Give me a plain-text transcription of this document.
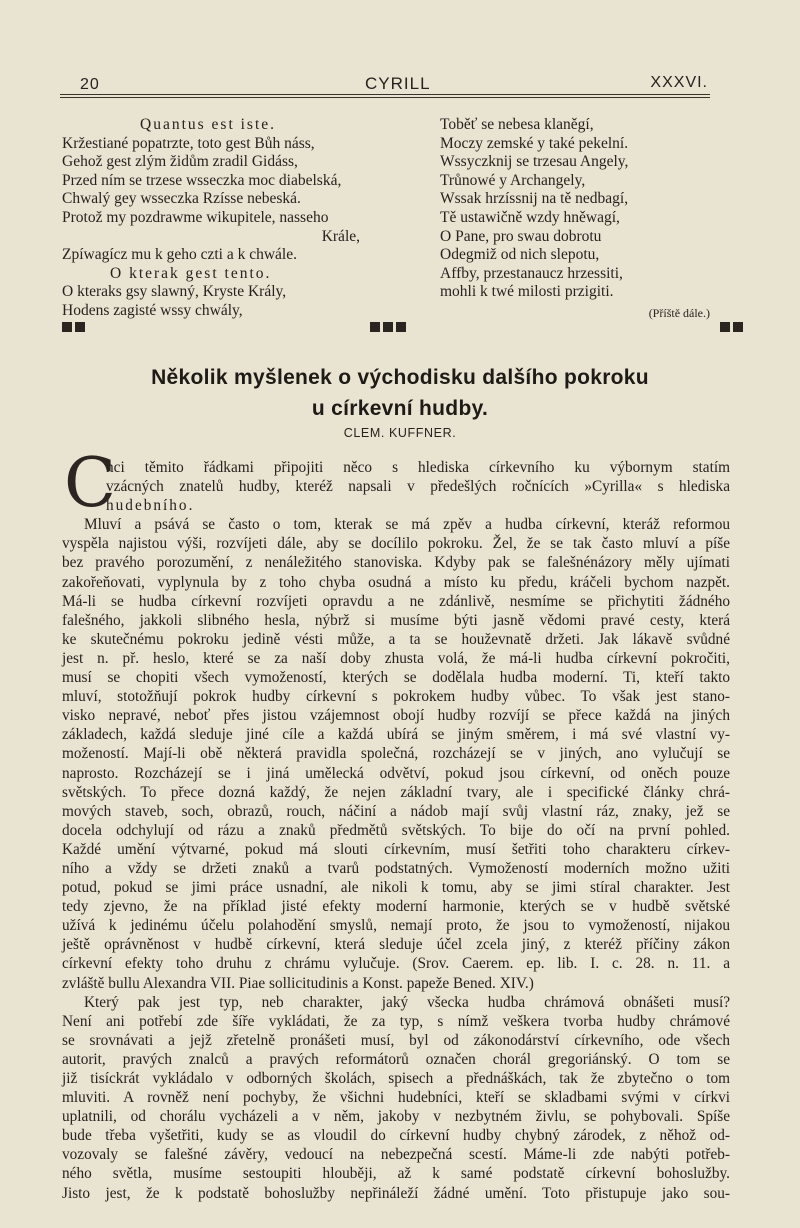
20	CYRILL	XXXVI.
Quantus est iste.
Kržestiané popatrzte, toto gest Bůh náss,
Gehož gest zlým židům zradil Gidáss,
Przed ním se trzese wsseczka moc diabelská,
Chwalý gey wsseczka Rzísse nebeská.
Protož my pozdrawme wikupitele, nasseho
Krále,
Zpíwagícz mu k geho czti a k chwále.
O kterak gest tento.
O kteraks gsy slawný, Kryste Krály,
Hodens zagisté wssy chwály,
Toběť se nebesa klaněgí,
Moczy zemské y také pekelní.
Wssyczknij se trzesau Angely,
Trůnowé y Archangely,
Wssak hrzíssnij na tě nedbagí,
Tě ustawičně wzdy hněwagí,
O Pane, pro swau dobrotu
Odegmiž od nich slepotu,
Affby, przestanaucz hrzessiti,
mohli k twé milosti przigiti.
(Příště dále.)
Několik myšlenek o východisku dalšího pokroku
u církevní hudby.
CLEM. KUFFNER.
C
hci těmito řádkami připojiti něco s hlediska církevního ku výbornym statím
vzácných znatelů hudby, kteréž napsali v předešlých ročnících »Cyrilla« s hlediska
hudebního.
Mluví a psává se často o tom, kterak se má zpěv a hudba církevní, kteráž reformou
vyspěla najistou výši, rozvíjeti dále, aby se docílilo pokroku. Žel, že se tak často mluví a píše
bez pravého porozumění, z nenáležitého stanoviska. Kdyby pak se falešnénázory měly ujímati
zakořeňovati, vyplynula by z toho chyba osudná a místo ku předu, kráčeli bychom nazpět.
Má-li se hudba církevní rozvíjeti opravdu a ne zdánlivě, nesmíme se přichytiti žádného
falešného, jakkoli slibného hesla, nýbrž si musíme býti jasně vědomi pravé cesty, která
ke skutečnému pokroku jedině vésti může, a ta se houževnatě držeti. Jak lákavě svůdné
jest n. př. heslo, které se za naší doby zhusta volá, že má-li hudba církevní pokročiti,
musí se chopiti všech vymožeností, kterých se dodělala hudba moderní. Ti, kteří takto
mluví, stotožňují pokrok hudby církevní s pokrokem hudby vůbec. To však jest stano-
visko nepravé, neboť přes jistou vzájemnost obojí hudby rozvíjí se přece každá na jiných
základech, každá sleduje jiné cíle a každá ubírá se jiným směrem, i má své vlastní vy-
možeností. Mají-li obě některá pravidla společná, rozcházejí se v jiných, ano vylučují se
naprosto. Rozcházejí se i jiná umělecká odvětví, pokud jsou církevní, od oněch pouze
světských. To přece dozná každý, že nejen základní tvary, ale i specifické články chrá-
mových staveb, soch, obrazů, rouch, náčiní a nádob mají svůj vlastní ráz, znaky, jež se
docela odchylují od rázu a znaků předmětů světských. To bije do očí na první pohled.
Každé umění výtvarné, pokud má slouti církevním, musí šetřiti toho charakteru církev-
ního a vždy se držeti znaků a tvarů podstatných. Vymožeností moderních možno užiti
potud, pokud se jimi práce usnadní, ale nikoli k tomu, aby se jimi stíral charakter. Jest
tedy zjevno, že na příklad jisté efekty moderní harmonie, kterých se v hudbě světské
užívá k jedinému účelu polahodění smyslů, nemají proto, že jsou to vymožeností, nijakou
ještě oprávněnost v hudbě církevní, která sleduje účel zcela jiný, z kteréž příčiny zákon
církevní efekty toho druhu z chrámu vylučuje. (Srov. Caerem. ep. lib. I. c. 28. n. 11. a
zvláště bullu Alexandra VII. Piae sollicitudinis a Konst. papeže Bened. XIV.)
Který pak jest typ, neb charakter, jaký všecka hudba chrámová obnášeti musí?
Není ani potřebí zde šíře vykládati, že za typ, s nímž veškera tvorba hudby chrámové
se srovnávati a jejž zřetelně pronášeti musí, byl od zákonodárství církevního, ode všech
autorit, pravých znalců a pravých reformátorů označen chorál gregoriánský. O tom se
již tisíckrát vykládalo v odborných školách, spisech a přednáškách, tak že zbytečno o tom
mluviti. A rovněž není pochyby, že všichni hudebníci, kteří se skladbami svými v církvi
uplatnili, od chorálu vycházeli a v něm, jakoby v nezbytném živlu, se pohybovali. Spíše
bude třeba vyšetřiti, kudy se as vloudil do církevní hudby chybný zárodek, z něhož od-
vozovaly se falešné závěry, vedoucí na nebezpečná scestí. Máme-li zde nabýti potřeb-
ného světla, musíme sestoupiti hlouběji, až k samé podstatě církevní bohoslužby.
Jisto jest, že k podstatě bohoslužby nepřináleží žádné umění. Toto přistupuje jako sou-
